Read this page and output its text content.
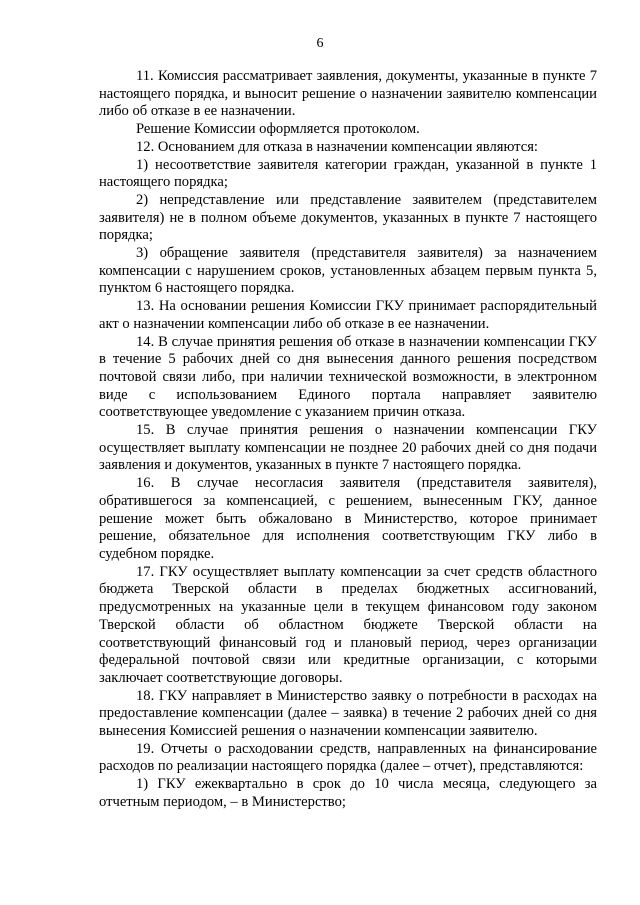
6

11. Комиссия рассматривает заявления, документы, указанные в пункте 7 настоящего порядка, и выносит решение о назначении заявителю компенсации либо об отказе в ее назначении.

Решение Комиссии оформляется протоколом.

12. Основанием для отказа в назначении компенсации являются:

1) несоответствие заявителя категории граждан, указанной в пункте 1 настоящего порядка;

2) непредставление или представление заявителем (представителем заявителя) не в полном объеме документов, указанных в пункте 7 настоящего порядка;

3) обращение заявителя (представителя заявителя) за назначением компенсации с нарушением сроков, установленных абзацем первым пункта 5, пунктом 6 настоящего порядка.

13. На основании решения Комиссии ГКУ принимает распорядительный акт о назначении компенсации либо об отказе в ее назначении.

14. В случае принятия решения об отказе в назначении компенсации ГКУ в течение 5 рабочих дней со дня вынесения данного решения посредством почтовой связи либо, при наличии технической возможности, в электронном виде с использованием Единого портала направляет заявителю соответствующее уведомление с указанием причин отказа.

15. В случае принятия решения о назначении компенсации ГКУ осуществляет выплату компенсации не позднее 20 рабочих дней со дня подачи заявления и документов, указанных в пункте 7 настоящего порядка.

16. В случае несогласия заявителя (представителя заявителя), обратившегося за компенсацией, с решением, вынесенным ГКУ, данное решение может быть обжаловано в Министерство, которое принимает решение, обязательное для исполнения соответствующим ГКУ либо в судебном порядке.

17. ГКУ осуществляет выплату компенсации за счет средств областного бюджета Тверской области в пределах бюджетных ассигнований, предусмотренных на указанные цели в текущем финансовом году законом Тверской области об областном бюджете Тверской области на соответствующий финансовый год и плановый период, через организации федеральной почтовой связи или кредитные организации, с которыми заключает соответствующие договоры.

18. ГКУ направляет в Министерство заявку о потребности в расходах на предоставление компенсации (далее – заявка) в течение 2 рабочих дней со дня вынесения Комиссией решения о назначении компенсации заявителю.

19. Отчеты о расходовании средств, направленных на финансирование расходов по реализации настоящего порядка (далее – отчет), представляются:

1) ГКУ ежеквартально в срок до 10 числа месяца, следующего за отчетным периодом, – в Министерство;
